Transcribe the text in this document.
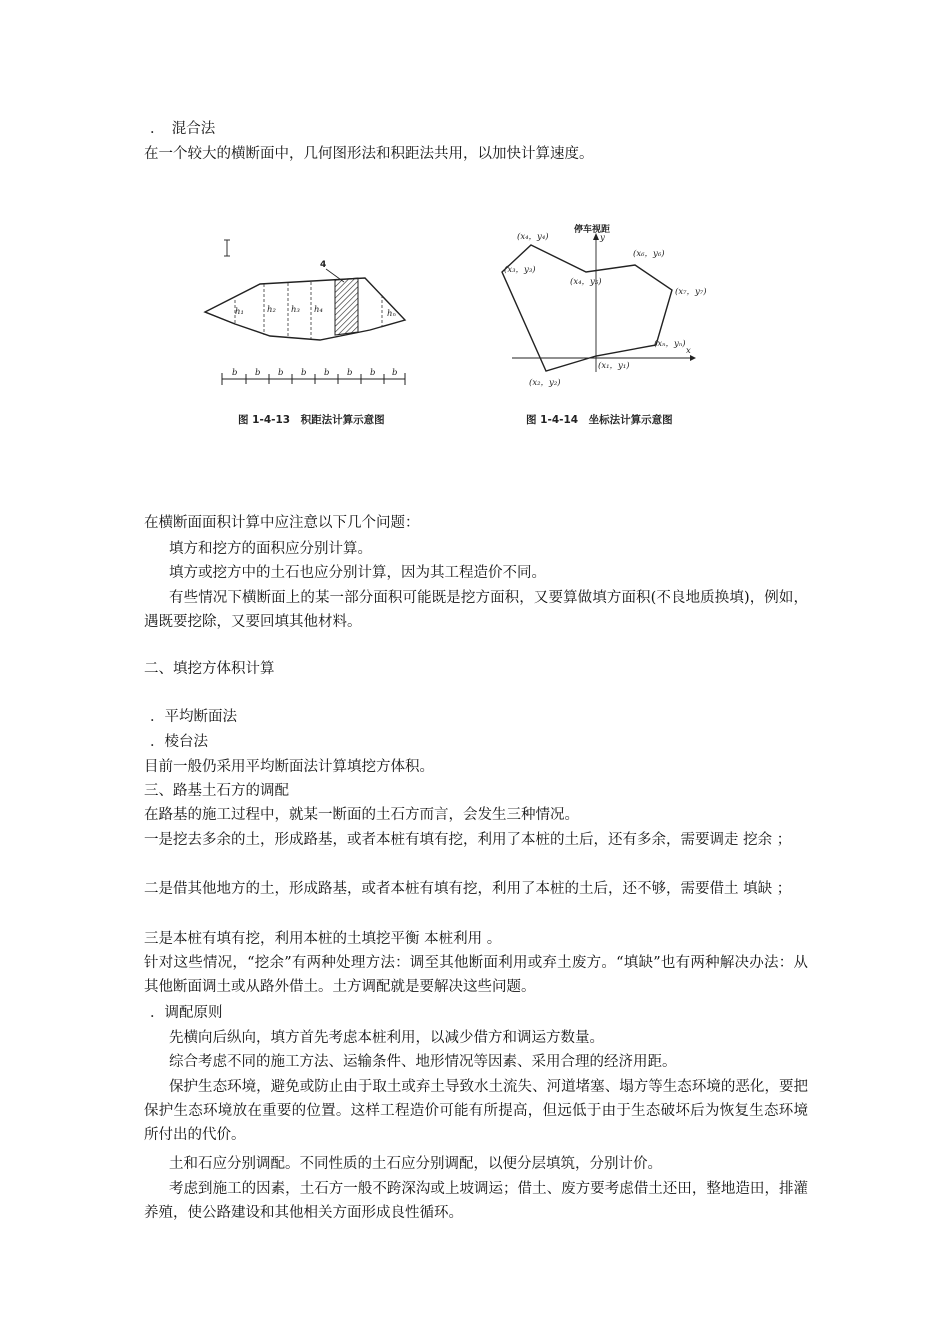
．　混合法
在一个较大的横断面中，几何图形法和积距法共用，以加快计算速度。
h₁	h₂ h₃ h₄	hₙ
4
b b b b b b b b
图 1-4-13　积距法计算示意图
停车视距
y
x
(x₄，y₄)
(x₃，y₃)
(x₄，y₅)
(x₆，y₆)
(x₇，y₇)
(xₙ，yₙ)
(x₁，y₁)
(x₂，y₂)
图 1-4-14　坐标法计算示意图
在横断面面积计算中应注意以下几个问题：
填方和挖方的面积应分别计算。
填方或挖方中的土石也应分别计算，因为其工程造价不同。
有些情况下横断面上的某一部分面积可能既是挖方面积，又要算做填方面积(不良地质换填)，例如，遇既要挖除，又要回填其他材料。
二、填挖方体积计算
．平均断面法
．棱台法
目前一般仍采用平均断面法计算填挖方体积。
三、路基土石方的调配
在路基的施工过程中，就某一断面的土石方而言，会发生三种情况。
一是挖去多余的土，形成路基，或者本桩有填有挖，利用了本桩的土后，还有多余，需要调走 挖余 ；
二是借其他地方的土，形成路基，或者本桩有填有挖，利用了本桩的土后，还不够，需要借土 填缺 ；
三是本桩有填有挖，利用本桩的土填挖平衡 本桩利用 。
针对这些情况，“挖余”有两种处理方法：调至其他断面利用或弃土废方。“填缺”也有两种解决办法：从其他断面调土或从路外借土。土方调配就是要解决这些问题。
．调配原则
先横向后纵向，填方首先考虑本桩利用，以减少借方和调运方数量。
综合考虑不同的施工方法、运输条件、地形情况等因素、采用合理的经济用距。
保护生态环境，避免或防止由于取土或弃土导致水土流失、河道堵塞、塌方等生态环境的恶化，要把保护生态环境放在重要的位置。这样工程造价可能有所提高，但远低于由于生态破坏后为恢复生态环境所付出的代价。
土和石应分别调配。不同性质的土石应分别调配，以便分层填筑，分别计价。
考虑到施工的因素，土石方一般不跨深沟或上坡调运；借土、废方要考虑借土还田，整地造田，排灌养殖，使公路建设和其他相关方面形成良性循环。
